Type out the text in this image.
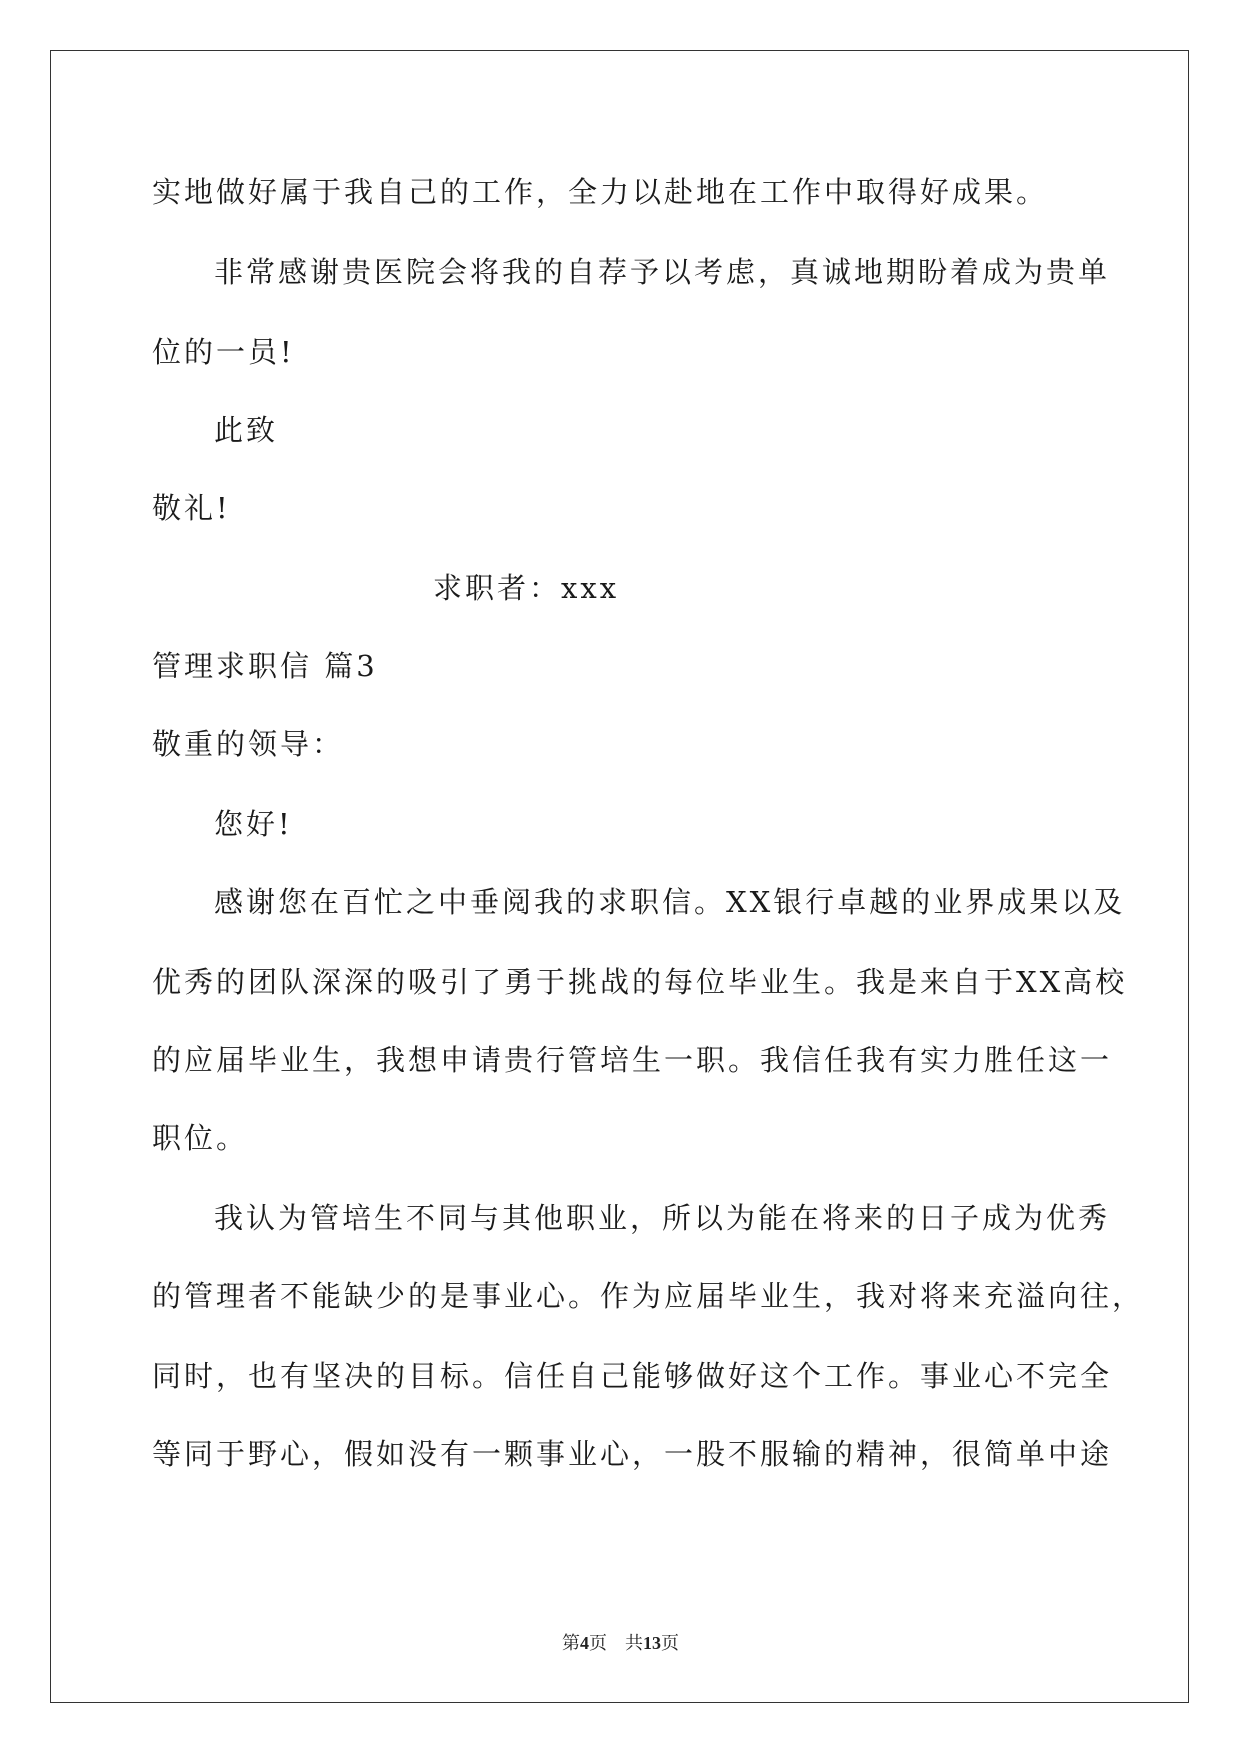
实地做好属于我自己的工作，全力以赴地在工作中取得好成果。
非常感谢贵医院会将我的自荐予以考虑，真诚地期盼着成为贵单
位的一员!
此致
敬礼!
求职者：xxx
管理求职信 篇3
敬重的领导：
您好!
感谢您在百忙之中垂阅我的求职信。XX银行卓越的业界成果以及
优秀的团队深深的吸引了勇于挑战的每位毕业生。我是来自于XX高校
的应届毕业生，我想申请贵行管培生一职。我信任我有实力胜任这一
职位。
我认为管培生不同与其他职业，所以为能在将来的日子成为优秀
的管理者不能缺少的是事业心。作为应届毕业生，我对将来充溢向往，
同时，也有坚决的目标。信任自己能够做好这个工作。事业心不完全
等同于野心，假如没有一颗事业心，一股不服输的精神，很简单中途
第4页　共13页
